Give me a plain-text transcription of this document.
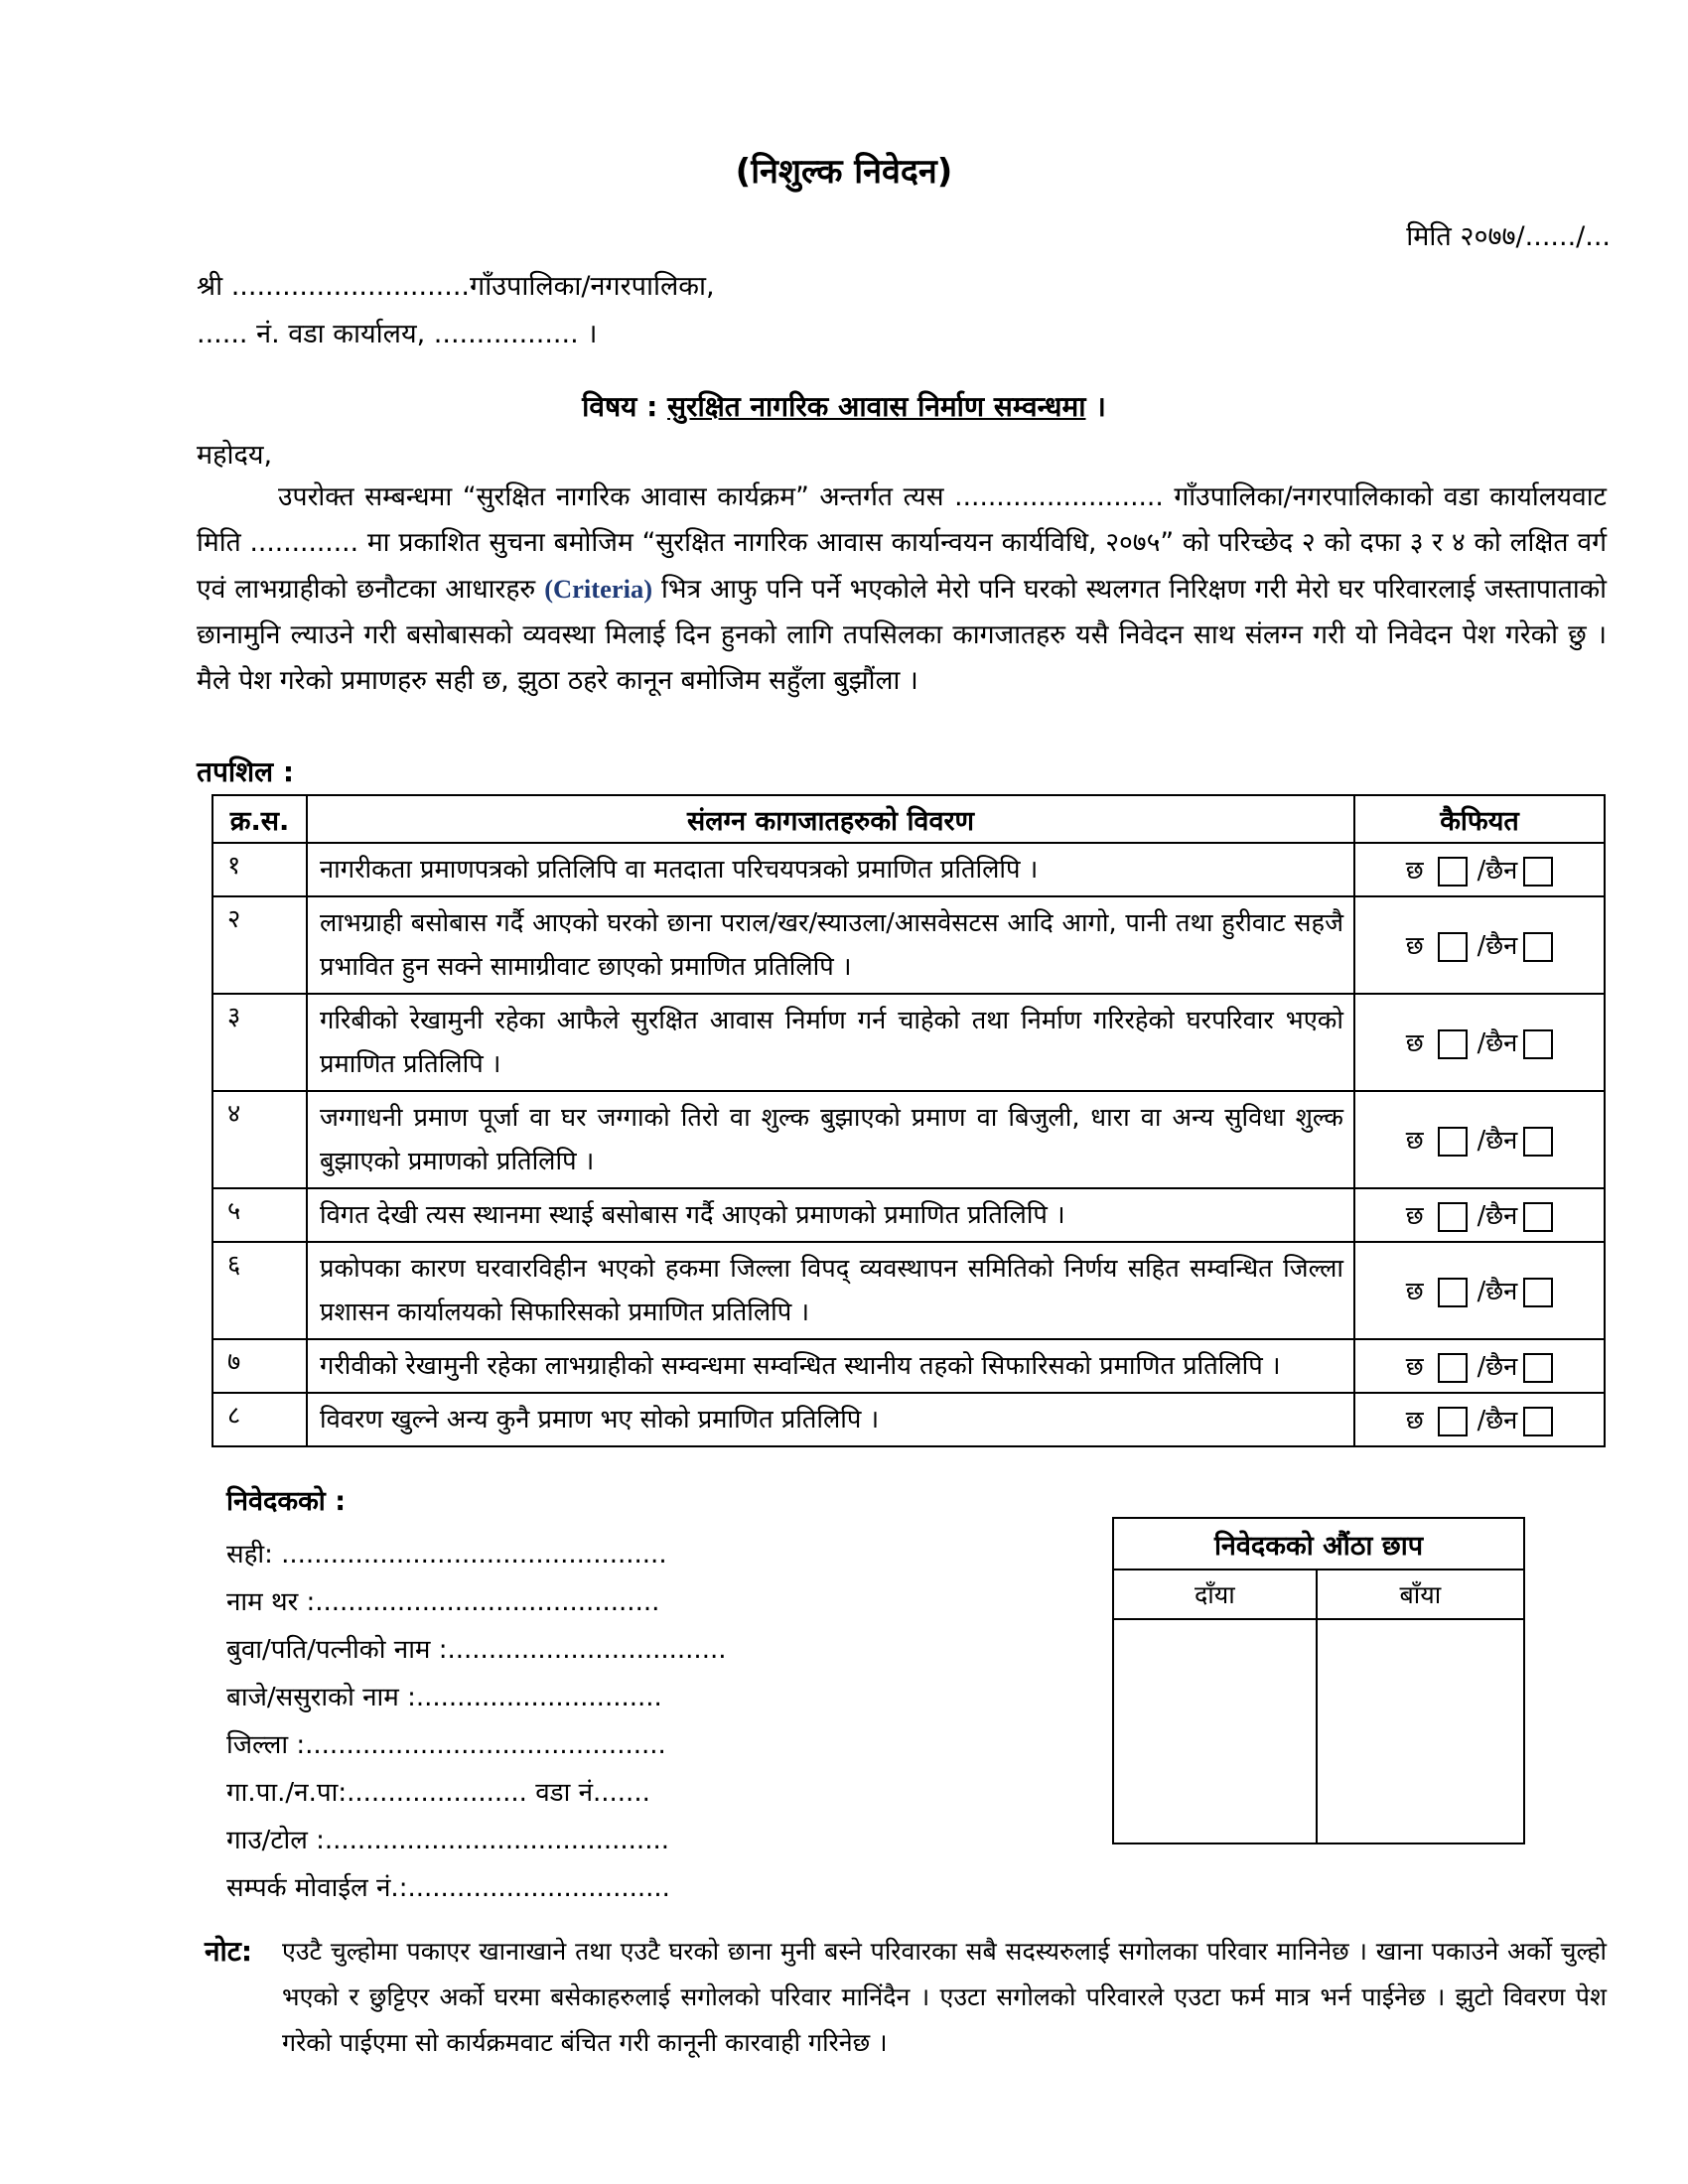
(निशुल्क निवेदन)
मिति २०७७/....../...
श्री ............................गाँउपालिका/नगरपालिका,
...... नं. वडा कार्यालय, ................. ।
विषय : सुरक्षित नागरिक आवास निर्माण सम्वन्धमा ।
महोदय,
उपरोक्त सम्बन्धमा “सुरक्षित नागरिक आवास कार्यक्रम” अन्तर्गत त्यस ......................... गाँउपालिका/नगरपालिकाको वडा कार्यालयवाट मिति ............. मा प्रकाशित सुचना बमोजिम “सुरक्षित नागरिक आवास कार्यान्वयन कार्यविधि, २०७५” को परिच्छेद २ को दफा ३ र ४ को लक्षित वर्ग एवं लाभग्राहीको छनौटका आधारहरु (Criteria) भित्र आफु पनि पर्ने भएकोले मेरो पनि घरको स्थलगत निरिक्षण गरी मेरो घर परिवारलाई जस्तापाताको छानामुनि ल्याउने गरी बसोबासको व्यवस्था मिलाई दिन हुनको लागि तपसिलका कागजातहरु यसै निवेदन साथ संलग्न गरी यो निवेदन पेश गरेको छु । मैले पेश गरेको प्रमाणहरु सही छ, झुठा ठहरे कानून बमोजिम सहुँला बुझौंला ।
तपशिल :
क्र.स.	संलग्न कागजातहरुको विवरण	कैफियत
१	नागरीकता प्रमाणपत्रको प्रतिलिपि वा मतदाता परिचयपत्रको प्रमाणित प्रतिलिपि ।	छ /छैन
२	लाभग्राही बसोबास गर्दै आएको घरको छाना पराल/खर/स्याउला/आसवेसटस आदि आगो, पानी तथा हुरीवाट सहजै प्रभावित हुन सक्ने सामाग्रीवाट छाएको प्रमाणित प्रतिलिपि ।	छ /छैन
३	गरिबीको रेखामुनी रहेका आफैले सुरक्षित आवास निर्माण गर्न चाहेको तथा निर्माण गरिरहेको घरपरिवार भएको प्रमाणित प्रतिलिपि ।	छ /छैन
४	जग्गाधनी प्रमाण पूर्जा वा घर जग्गाको तिरो वा शुल्क बुझाएको प्रमाण वा बिजुली, धारा वा अन्य सुविधा शुल्क बुझाएको प्रमाणको प्रतिलिपि ।	छ /छैन
५	विगत देखी त्यस स्थानमा स्थाई बसोबास गर्दै आएको प्रमाणको प्रमाणित प्रतिलिपि ।	छ /छैन
६	प्रकोपका कारण घरवारविहीन भएको हकमा जिल्ला विपद् व्यवस्थापन समितिको निर्णय सहित सम्वन्धित जिल्ला प्रशासन कार्यालयको सिफारिसको प्रमाणित प्रतिलिपि ।	छ /छैन
७	गरीवीको रेखामुनी रहेका लाभग्राहीको सम्वन्धमा सम्वन्धित स्थानीय तहको सिफारिसको प्रमाणित प्रतिलिपि ।	छ /छैन
८	विवरण खुल्ने अन्य कुनै प्रमाण भए सोको प्रमाणित प्रतिलिपि ।	छ /छैन
निवेदकको :
सही: ...............................................
नाम थर :..........................................
बुवा/पति/पत्नीको नाम :..................................
बाजे/ससुराको नाम :..............................
जिल्ला :............................................
गा.पा./न.पा:...................... वडा नं.......
गाउ/टोल :..........................................
सम्पर्क मोवाईल नं.:................................
निवेदकको औंठा छाप	
दाँया	बाँया

नोट: एउटै चुल्होमा पकाएर खानाखाने तथा एउटै घरको छाना मुनी बस्ने परिवारका सबै सदस्यरुलाई सगोलका परिवार मानिनेछ । खाना पकाउने अर्को चुल्हो भएको र छुट्टिएर अर्को घरमा बसेकाहरुलाई सगोलको परिवार मानिंदैन । एउटा सगोलको परिवारले एउटा फर्म मात्र भर्न पाईनेछ । झुटो विवरण पेश गरेको पाईएमा सो कार्यक्रमवाट बंचित गरी कानूनी कारवाही गरिनेछ ।
